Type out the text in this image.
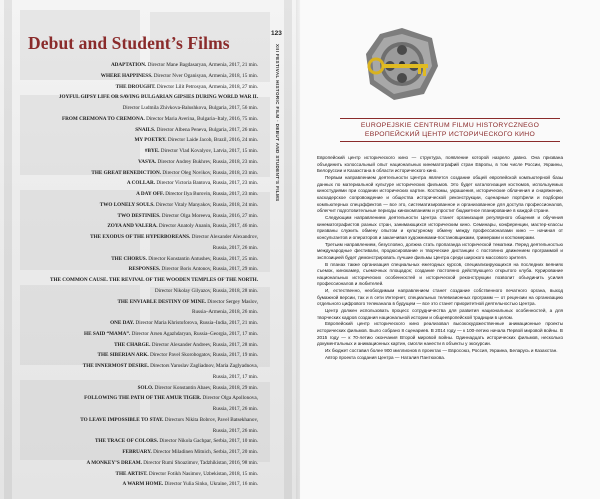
Debut and Student’s Films
ADAPTATION. Director Mane Bagdasaryan, Armenia, 2017, 21 min.
WHERE HAPPINESS. Director Nver Oganisyan, Armenia, 2018, 15 min.
THE DROUGHT. Director Lilit Petrosyan, Armenia, 2018, 27 min.
JOYFUL GIPSY LIFE OR SAVING BULGARIAN GIPSIES DURING WORLD WAR II.
Director Ludmila Zhivkova-Balushkova, Bulgaria, 2017, 56 min.
FROM CREMONA TO CREMONA. Director Maria Averina, Bulgaria–Italy, 2016, 75 min.
SNAILS. Director Albena Peneva, Bulgaria, 2017, 26 min.
MY POETRY. Director Laide Jacob, Brazil, 2016, 24 min.
#BYE. Director Vlad Kovalyov, Latvia, 2017, 15 min.
VASYA. Director Andrey Bukhrev, Russia, 2018, 23 min.
THE GREAT BENEDICTION. Director Oleg Novikov, Russia, 2018, 23 min.
A COLLAR. Director Victoria Bantova, Russia, 2017, 23 min.
A DAY OFF. Director Ilya Burovin, Russia, 2017, 23 min.
TWO LONELY SOULS. Director Vitaly Manyakov, Russia, 2018, 24 min.
TWO DESTINIES. Director Olga Moreeva, Russia, 2016, 27 min.
ZOYA AND VALERA. Director Anatoly Ananin, Russia, 2017, 46 min.
THE EXODUS OF THE HYPERBOREANS. Director Alexander Alexandrov,
Russia, 2017, 26 min.
THE CHORUS. Director Konstantin Antushev, Russia, 2017, 25 min.
RESPONSES. Director Boris Antonov, Russia, 2017, 29 min.
THE COMMON CAUSE. THE REVIVAL OF THE WOODEN TEMPLES OF THE NORTH.
Director Nikolay Gilyazov, Russia, 2018, 28 min.
THE ENVIABLE DESTINY OF MINE. Director Sergey Maslov,
Russia–Armenia, 2018, 26 min.
ONE DAY. Director Maria Khristoforova, Russia–India, 2017, 21 min.
HE SAID “MAMA”. Director Arsen Agazhdaryan, Russia–Georgia, 2017, 17 min.
THE CHARGE. Director Alexander Andreev, Russia, 2017, 28 min.
THE SIBERIAN ARK. Director Pavel Skorobogatov, Russia, 2017, 19 min.
THE INNERMOST DESIRE. Directors Yaroslav Zagliadnov, Maria Zaglyadnova,
Russia, 2017, 17 min.
SOLO. Director Konstantin Abaev, Russia, 2018, 29 min.
FOLLOWING THE PATH OF THE AMUR TIGER. Director Olga Apollonova,
Russia, 2017, 26 min.
TO LEAVE IMPOSSIBLE TO STAY. Directors Nikita Bobrov, Pavel Batsekhanov,
Russia, 2017, 26 min.
THE TRACE OF COLORS. Director Nikola Gachpar, Serbia, 2017, 10 min.
FEBRUARY. Director Miladinen Mitnich, Serbia, 2017, 20 min.
A MONKEY’S DREAM. Director Rumi Shoazimov, Tadzhikistan, 2016, 98 min.
THE ARTIST. Director Fotikh Nasimov, Uzbekistan, 2018, 15 min.
A WARM HOME. Director Yulia Sinko, Ukraine, 2017, 16 min.
123
XIII FESTIVAL HISTORIC FILM · DEBUT AND STUDENT’S FILMS	EUROPEJSKIE CENTRUM FILMU HISTORYCZNEGO
ЕВРОПЕЙСКИЙ ЦЕНТР ИСТОРИЧЕСКОГО КИНО

Европейский центр исторического кино — структура, появление которой назрело давно. Она призвана объединить колоссальный опыт национальных кинематографий стран Европы, в том числе России, Украины, Белоруссии и Казахстана в области исторического кино.

Первым направлением деятельности Центра является создание общей европейской компьютерной базы данных по материальной культуре исторических фильмов. Это будет каталогизация костюмов, используемых киностудиями при создании исторических картин. Костюмы, украшения, исторические облачения и снаряжение, каскадерское сопровождение и общества исторической реконструкции, сценарные портфели и подборки компьютерных спецэффектов — все это, систематизированное и организованное для доступа профессионалов, облегчит подготовительные периоды кинокомпаниям и упростит бюджетное планирование в каждой стране.

Следующим направлением деятельности Центра станет организация регулярного общения и обучения кинематографистов разных стран, занимающихся историческим кино. Семинары, конференции, мастер-классы призваны служить обмену опытом и культурному обмену между профессионалами кино — начиная от консультантов и операторов и заканчивая художниками-постановщиками, гримерами и костюмерами.

Третьим направлением, безусловно, должна стать пропаганда исторической тематики. Перед деятельностью международные фестивали, продюсирование и творческие дистанции с постоянно движением программой и экспозицией будет демонстрировать лучшие фильмы Центра среди широкого массового зрителя.

В планах также организация специальных ежегодных курсов, специализирующихся на последних веяниях съемок, кинокамер, съемочных площадок; создание постоянно действующего открытого клуба. Курирование национальных исторических особенностей и исторической реконструкции позволит объединить усилия профессионалов и любителей.

И, естественно, необходимым направлением станет создание собственного печатного органа, выход бумажной версии, так и в сети Интернет, специальных телевизионных программ — от рецензии на организацию отдельного цифрового телеканала в будущем — все это станет приоритетной деятельностью Центра.

Центр должен использовать процесс сотрудничества для развития национальных особенностей, а для творческих кадров создания национальной истории и общеевропейской традиции в целом.

Европейский центр исторического кино реализовал высокохудожественные анимационные проекты исторических фильмов. Было собрано 8 сценариев. В 2014 году — к 100-летию начала Первой мировой войны. В 2015 году — к 70-летию окончания Второй мировой войны. Одиннадцать исторических фильмов, несколько документальных и анимационных картин, смогли нанести в объекты у экскурсии.

Их бюджет составил более 900 миллионов в проектах — Евросоюз, Россия, Украина, Беларусь и Казахстан.

Автор проекта создания Центра — Наталия Пантюхова.
